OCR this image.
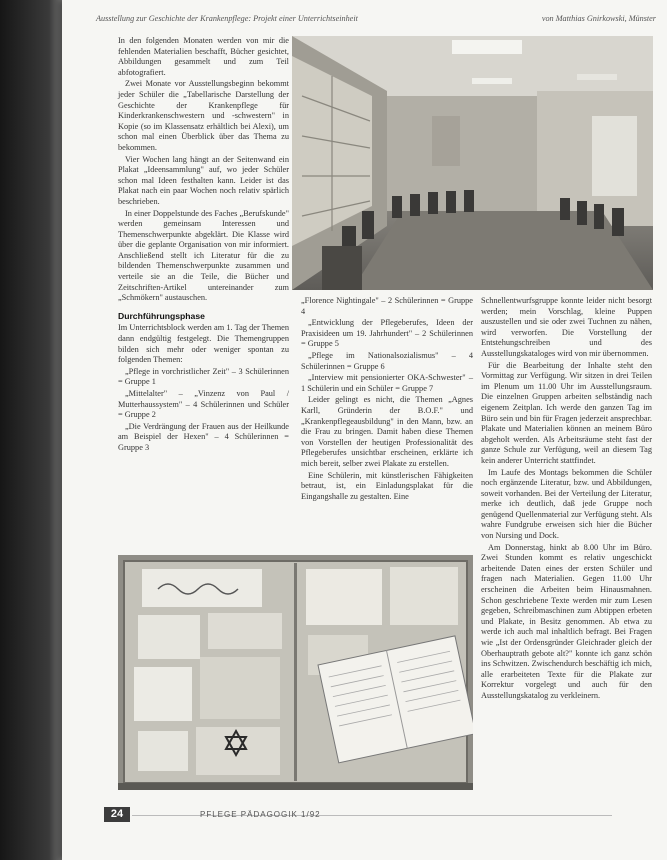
Ausstellung zur Geschichte der Krankenpflege: Projekt einer Unterrichtseinheit	von Matthias Gnirkowski, Münster

In den folgenden Monaten werden von mir die fehlenden Materialien beschafft, Bücher gesichtet, Abbildungen gesammelt und zum Teil abfotografiert.

Zwei Monate vor Ausstellungsbeginn bekommt jeder Schüler die „Tabellarische Darstellung der Geschichte der Krankenpflege für Kinderkrankenschwestern und -schwestern" in Kopie (so im Klassensatz erhältlich bei Alexi), um schon mal einen Überblick über das Thema zu bekommen.

Vier Wochen lang hängt an der Seitenwand ein Plakat „Ideensammlung" auf, wo jeder Schüler schon mal Ideen festhalten kann. Leider ist das Plakat nach ein paar Wochen noch relativ spärlich beschrieben.

In einer Doppelstunde des Faches „Berufskunde" werden gemeinsam Interessen und Themenschwerpunkte abgeklärt. Die Klasse wird über die geplante Organisation von mir informiert. Anschließend stellt ich Literatur für die zu bildenden Themenschwerpunkte zusammen und verteile sie an die Teile, die Bücher und Zeitschriften-Artikel untereinander zum „Schmökern" austauschen.

Durchführungsphase

Im Unterrichtsblock werden am 1. Tag der Themen dann endgültig festgelegt. Die Themengruppen bilden sich mehr oder weniger spontan zu folgenden Themen:

„Pflege in vorchristlicher Zeit" – 3 Schülerinnen = Gruppe 1

„Mittelalter" – „Vinzenz von Paul / Mutterhaussystem" – 4 Schülerinnen und Schüler = Gruppe 2

„Die Verdrängung der Frauen aus der Heilkunde am Beispiel der Hexen" – 4 Schülerinnen = Gruppe 3

„Florence Nightingale" – 2 Schülerinnen = Gruppe 4

„Entwicklung der Pflegeberufes, Ideen der Praxisideen um 19. Jahrhundert" – 2 Schülerinnen = Gruppe 5

„Pflege im Nationalsozialismus" – 4 Schülerinnen = Gruppe 6

„Interview mit pensionierter OKA-Schwester" – 1 Schülerin und ein Schüler = Gruppe 7

Leider gelingt es nicht, die Themen „Agnes Karll, Gründerin der B.O.F." und „Krankenpflegeausbildung" in den Mann, bzw. an die Frau zu bringen. Damit haben diese Themen von Vorstellen der heutigen Professionalität des Pflegeberufes unsichtbar erscheinen, erklärte ich mich bereit, selber zwei Plakate zu erstellen.

Eine Schülerin, mit künstlerischen Fähigkeiten betraut, ist, ein Einladungsplakat für die Eingangshalle zu gestalten. Eine

Schnellentwurfsgruppe konnte leider nicht besorgt werden; mein Vorschlag, kleine Puppen auszustellen und sie oder zwei Tuchnen zu nähen, wird verworfen. Die Vorstellung der Entstehungschreiben und des Ausstellungskataloges wird von mir übernommen.

Für die Bearbeitung der Inhalte steht den Vormittag zur Verfügung. Wir sitzen in drei Teilen im Plenum um 11.00 Uhr im Ausstellungsraum. Die einzelnen Gruppen arbeiten selbständig nach eigenem Zeitplan. Ich werde den ganzen Tag im Büro sein und bin für Fragen jederzeit ansprechbar. Plakate und Materialien können an meinem Büro abgeholt werden. Als Arbeitsräume steht fast der ganze Schule zur Verfügung, weil an diesem Tag kein anderer Unterricht stattfindet.

Im Laufe des Montags bekommen die Schüler noch ergänzende Literatur, bzw. und Abbildungen, soweit vorhanden. Bei der Verteilung der Literatur, merke ich deutlich, daß jede Gruppe noch genügend Quellenmaterial zur Verfügung steht. Als wahre Fundgrube erweisen sich hier die Bücher von Nursing und Dock.

Am Donnerstag, hinkt ab 8.00 Uhr im Büro. Zwei Stunden kommt es relativ ungeschickt arbeitende Daten eines der ersten Schüler und fragen nach Materialien. Gegen 11.00 Uhr erscheinen die Arbeiten beim Hinausmahnen. Schon geschriebene Texte werden mir zum Lesen gegeben, Schreibmaschinen zum Abtippen erbeten und Plakate, in Besitz genommen. Ab etwa zu werde ich auch mal inhaltlich befragt. Bei Fragen wie „Ist der Ordensgründer Gleichrader gleich der Oberhauptrath gebote alt?" konnte ich ganz schön ins Schwitzen. Zwischendurch beschäftig ich mich, alle erarbeiteten Texte für die Plakate zur Korrektur vorgelegt und auch für den Ausstellungskatalog zu verkleinern.

24	PFLEGE PÄDAGOGIK 1/92
